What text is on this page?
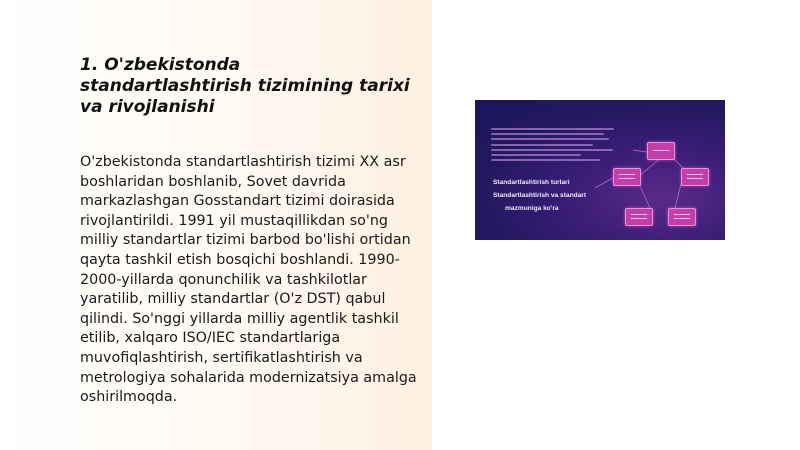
1. O'zbekistonda standartlashtirish tizimining tarixi va rivojlanishi

O'zbekistonda standartlashtirish tizimi XX asr boshlaridan boshlanib, Sovet davrida markazlashgan Gosstandart tizimi doirasida rivojlantirildi. 1991 yil mustaqillikdan so'ng milliy standartlar tizimi barbod bo'lishi ortidan qayta tashkil etish bosqichi boshlandi. 1990-2000-yillarda qonunchilik va tashkilotlar yaratilib, milliy standartlar (O'z DST) qabul qilindi. So'nggi yillarda milliy agentlik tashkil etilib, xalqaro ISO/IEC standartlariga muvofiqlashtirish, sertifikatlashtirish va metrologiya sohalarida modernizatsiya amalga oshirilmoqda.

Standartlashtirish turlari
Standartlashtirish va standart
mazmuniga ko'ra
